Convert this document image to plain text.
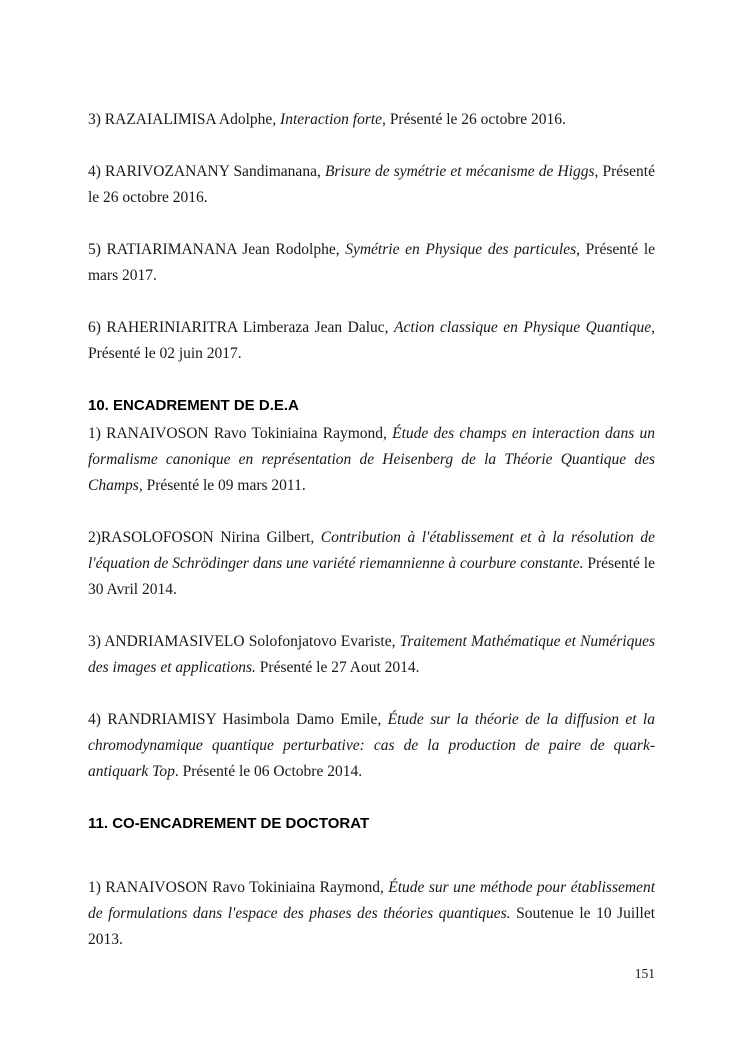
3) RAZAIALIMISA Adolphe, Interaction forte, Présenté le 26 octobre 2016.

4) RARIVOZANANY Sandimanana, Brisure de symétrie et mécanisme de Higgs, Présenté le 26 octobre 2016.

5) RATIARIMANANA Jean Rodolphe, Symétrie en Physique des particules, Présenté le mars 2017.

6) RAHERINIARITRA Limberaza Jean Daluc, Action classique en Physique Quantique, Présenté le 02 juin 2017.

10. ENCADREMENT DE D.E.A

1) RANAIVOSON Ravo Tokiniaina Raymond, Étude des champs en interaction dans un formalisme canonique en représentation de Heisenberg de la Théorie Quantique des Champs, Présenté le 09 mars 2011.

2)RASOLOFOSON Nirina Gilbert, Contribution à l'établissement et à la résolution de l'équation de Schrödinger dans une variété riemannienne à courbure constante. Présenté le 30 Avril 2014.

3) ANDRIAMASIVELO Solofonjatovo Evariste, Traitement Mathématique et Numériques des images et applications. Présenté le 27 Aout 2014.

4) RANDRIAMISY Hasimbola Damo Emile, Étude sur la théorie de la diffusion et la chromodynamique quantique perturbative: cas de la production de paire de quark-antiquark Top. Présenté le 06 Octobre 2014.

11. CO-ENCADREMENT DE DOCTORAT

1) RANAIVOSON Ravo Tokiniaina Raymond, Étude sur une méthode pour établissement de formulations dans l'espace des phases des théories quantiques. Soutenue le 10 Juillet 2013.

151
